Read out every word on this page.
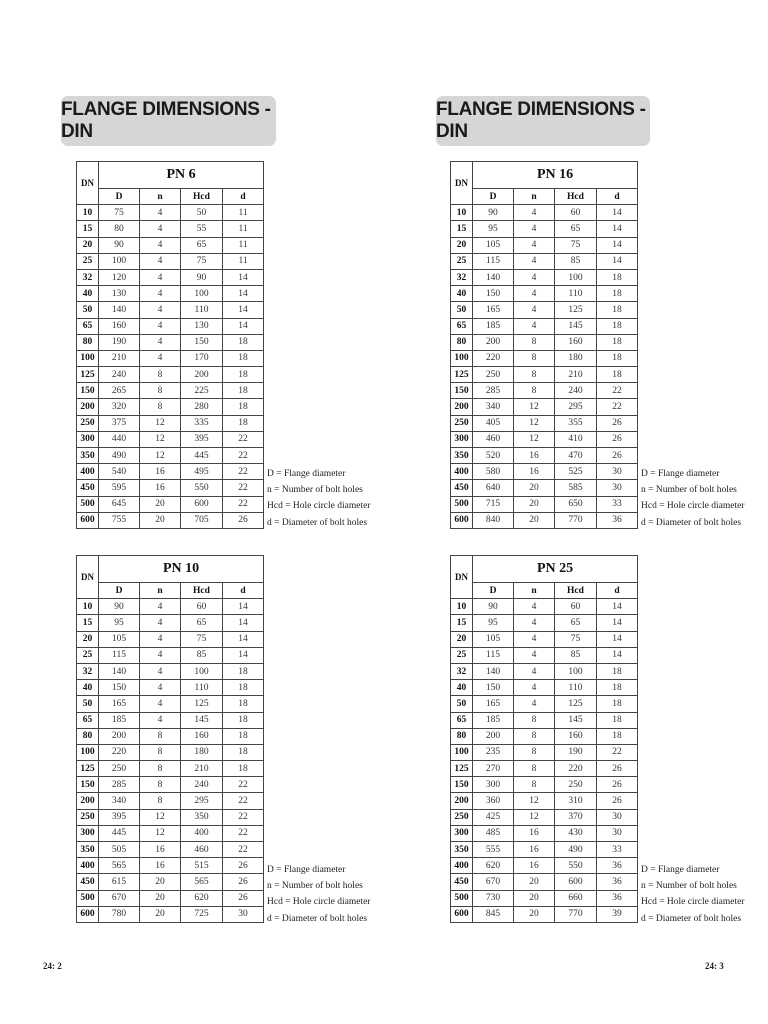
FLANGE DIMENSIONS - DIN
FLANGE DIMENSIONS - DIN
DN	PN 6			
	D	n	Hcd	d
10	75	4	50	11
15	80	4	55	11
20	90	4	65	11
25	100	4	75	11
32	120	4	90	14
40	130	4	100	14
50	140	4	110	14
65	160	4	130	14
80	190	4	150	18
100	210	4	170	18
125	240	8	200	18
150	265	8	225	18
200	320	8	280	18
250	375	12	335	18
300	440	12	395	22
350	490	12	445	22
400	540	16	495	22
450	595	16	550	22
500	645	20	600	22
600	755	20	705	26
DN	PN 16			
	D	n	Hcd	d
10	90	4	60	14
15	95	4	65	14
20	105	4	75	14
25	115	4	85	14
32	140	4	100	18
40	150	4	110	18
50	165	4	125	18
65	185	4	145	18
80	200	8	160	18
100	220	8	180	18
125	250	8	210	18
150	285	8	240	22
200	340	12	295	22
250	405	12	355	26
300	460	12	410	26
350	520	16	470	26
400	580	16	525	30
450	640	20	585	30
500	715	20	650	33
600	840	20	770	36
DN	PN 10			
	D	n	Hcd	d
10	90	4	60	14
15	95	4	65	14
20	105	4	75	14
25	115	4	85	14
32	140	4	100	18
40	150	4	110	18
50	165	4	125	18
65	185	4	145	18
80	200	8	160	18
100	220	8	180	18
125	250	8	210	18
150	285	8	240	22
200	340	8	295	22
250	395	12	350	22
300	445	12	400	22
350	505	16	460	22
400	565	16	515	26
450	615	20	565	26
500	670	20	620	26
600	780	20	725	30
DN	PN 25			
	D	n	Hcd	d
10	90	4	60	14
15	95	4	65	14
20	105	4	75	14
25	115	4	85	14
32	140	4	100	18
40	150	4	110	18
50	165	4	125	18
65	185	8	145	18
80	200	8	160	18
100	235	8	190	22
125	270	8	220	26
150	300	8	250	26
200	360	12	310	26
250	425	12	370	30
300	485	16	430	30
350	555	16	490	33
400	620	16	550	36
450	670	20	600	36
500	730	20	660	36
600	845	20	770	39
D = Flange diameter
n = Number of bolt holes
Hcd = Hole circle diameter
d = Diameter of bolt holes
D = Flange diameter
n = Number of bolt holes
Hcd = Hole circle diameter
d = Diameter of bolt holes
D = Flange diameter
n = Number of bolt holes
Hcd = Hole circle diameter
d = Diameter of bolt holes
D = Flange diameter
n = Number of bolt holes
Hcd = Hole circle diameter
d = Diameter of bolt holes
24: 2	24: 3
